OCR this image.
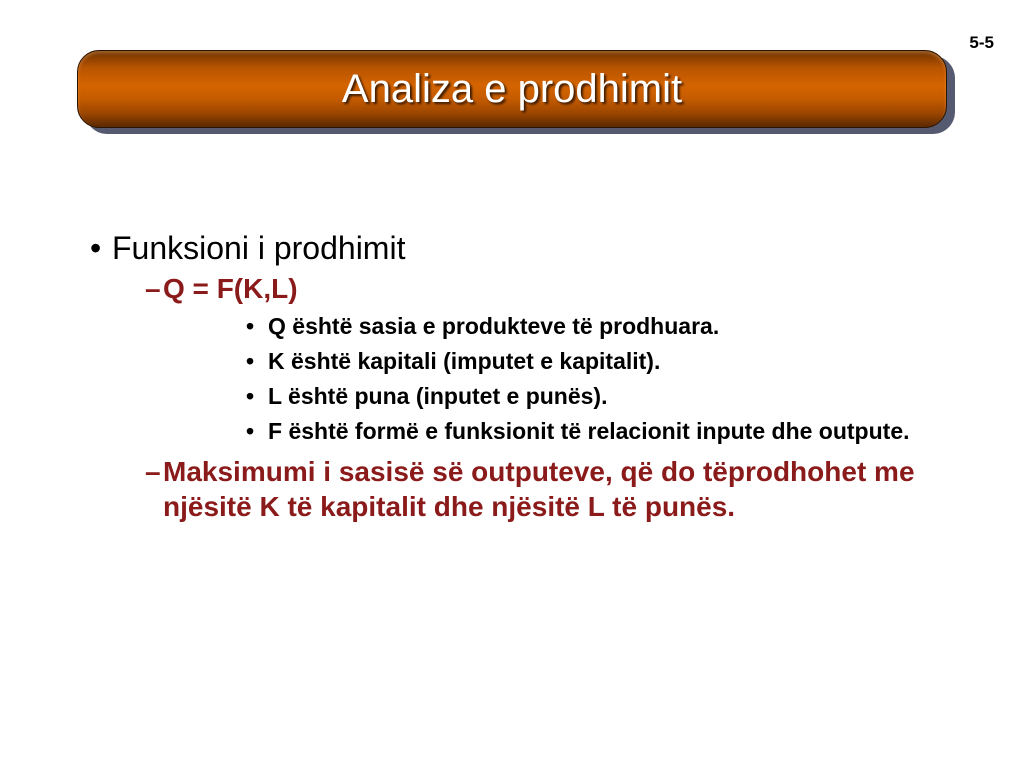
5-5
Analiza e prodhimit
• Funksioni i prodhimit
– Q = F(K,L)
• Q është sasia e produkteve të prodhuara.
• K është kapitali (imputet e kapitalit).
• L është puna (inputet e punës).
• F është formë e funksionit të relacionit inpute dhe outpute.
– Maksimumi i sasisë së outputeve, që do tëprodhohet me njësitë K të kapitalit dhe njësitë L të punës.
